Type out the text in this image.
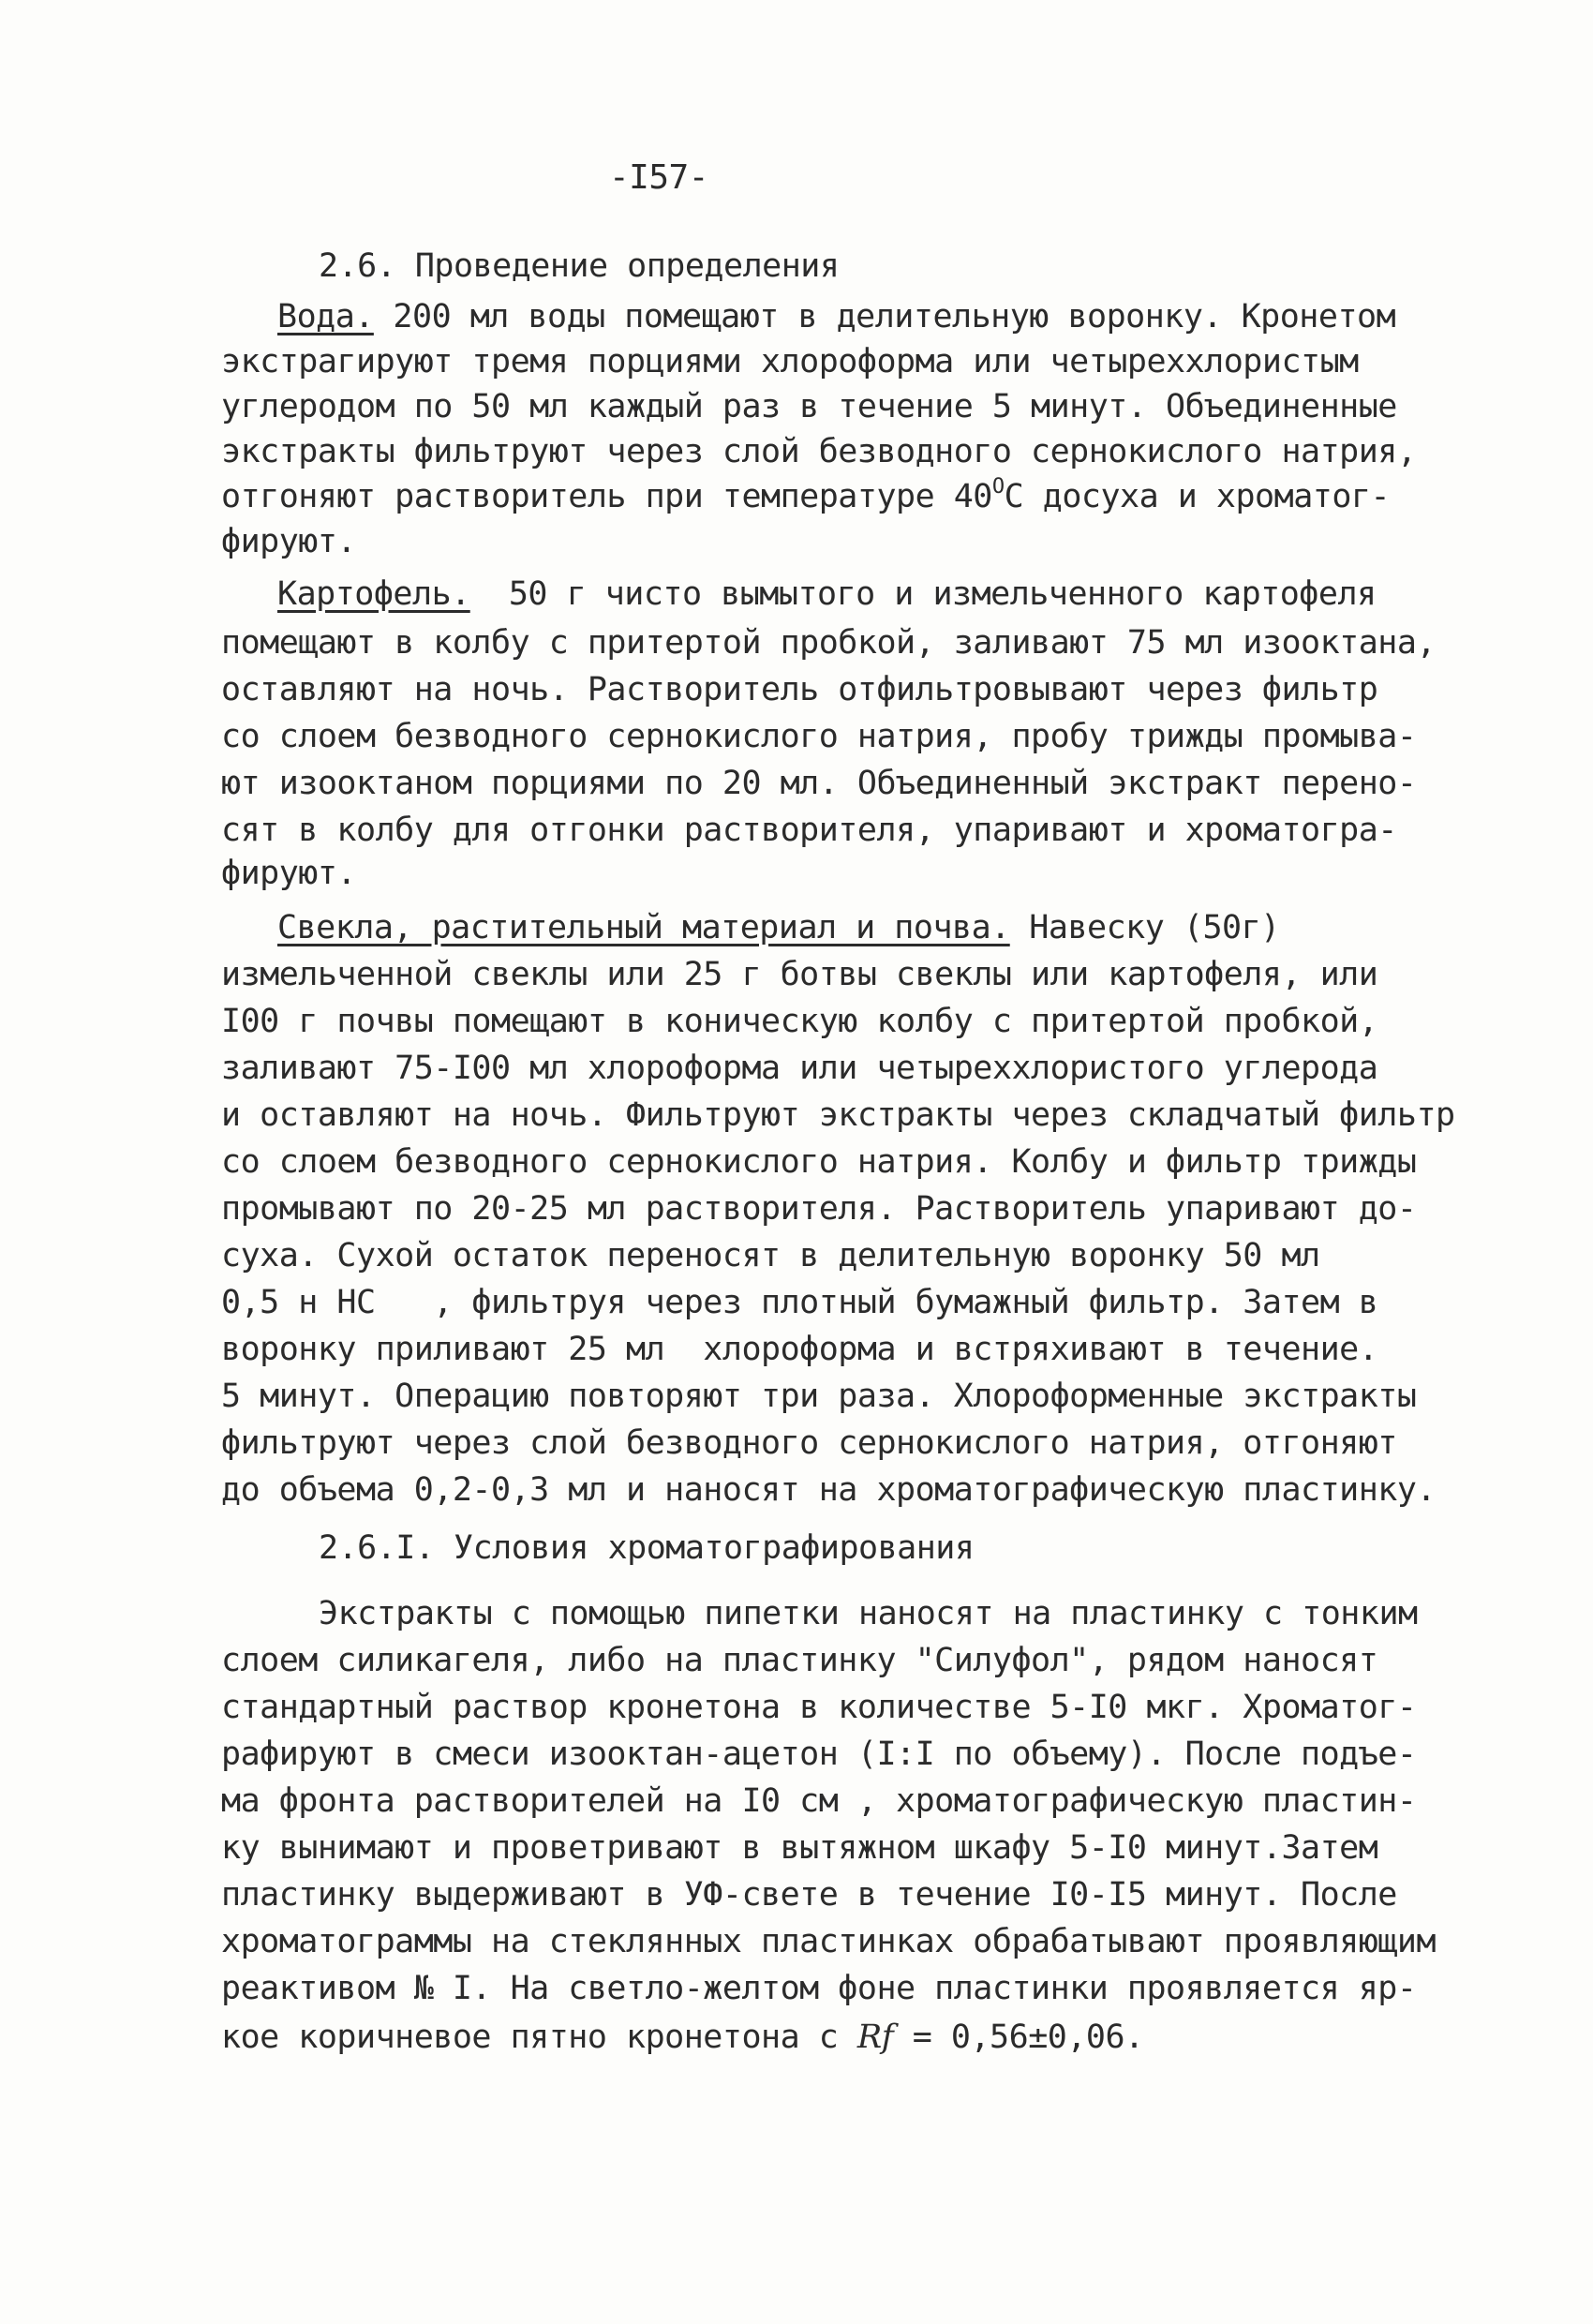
-I57-
2.6. Проведение определения
Вода. 200 мл воды помещают в делительную воронку. Кронетом
экстрагируют тремя порциями хлороформа или четыреххлористым
углеродом по 50 мл каждый раз в течение 5 минут. Объединенные
экстракты фильтруют через слой безводного сернокислого натрия,
отгоняют растворитель при температуре $40^OC$ досуха и хроматог-
фируют.
Картофель.  50 г чисто вымытого и измельченного картофеля
помещают в колбу с притертой пробкой, заливают 75 мл изооктана,
оставляют на ночь. Растворитель отфильтровывают через фильтр
со слоем безводного сернокислого натрия, пробу трижды промыва-
ют изооктаном порциями по 20 мл. Объединенный экстракт перено-
сят в колбу для отгонки растворителя, упаривают и хроматогра-
фируют.
Свекла, растительный материал и почва. Навеску (50г)
измельченной свеклы или 25 г ботвы свеклы или картофеля, или
I00 г почвы помещают в коническую колбу с притертой пробкой,
заливают 75-I00 мл хлороформа или четыреххлористого углерода
и оставляют на ночь. Фильтруют экстракты через складчатый фильтр
со слоем безводного сернокислого натрия. Колбу и фильтр трижды
промывают по 20-25 мл растворителя. Растворитель упаривают до-
суха. Сухой остаток переносят в делительную воронку 50 мл
0,5 н НС   , фильтруя через плотный бумажный фильтр. Затем в
воронку приливают 25 мл  хлороформа и встряхивают в течение.
5 минут. Операцию повторяют три раза. Хлороформенные экстракты
фильтруют через слой безводного сернокислого натрия, отгоняют
до объема 0,2-0,3 мл и наносят на хроматографическую пластинку.
2.6.I. Условия хроматографирования
Экстракты с помощью пипетки наносят на пластинку с тонким
слоем силикагеля, либо на пластинку "Силуфол", рядом наносят
стандартный раствор кронетона в количестве 5-I0 мкг. Хроматог-
рафируют в смеси изооктан-ацетон (I:I по объему). После подъе-
ма фронта растворителей на I0 см , хроматографическую пластин-
ку вынимают и проветривают в вытяжном шкафу 5-I0 минут.Затем
пластинку выдерживают в УФ-свете в течение I0-I5 минут. После
хроматограммы на стеклянных пластинках обрабатывают проявляющим
реактивом № I. На светло-желтом фоне пластинки проявляется яр-
кое коричневое пятно кронетона с Rf = 0,56±0,06.
